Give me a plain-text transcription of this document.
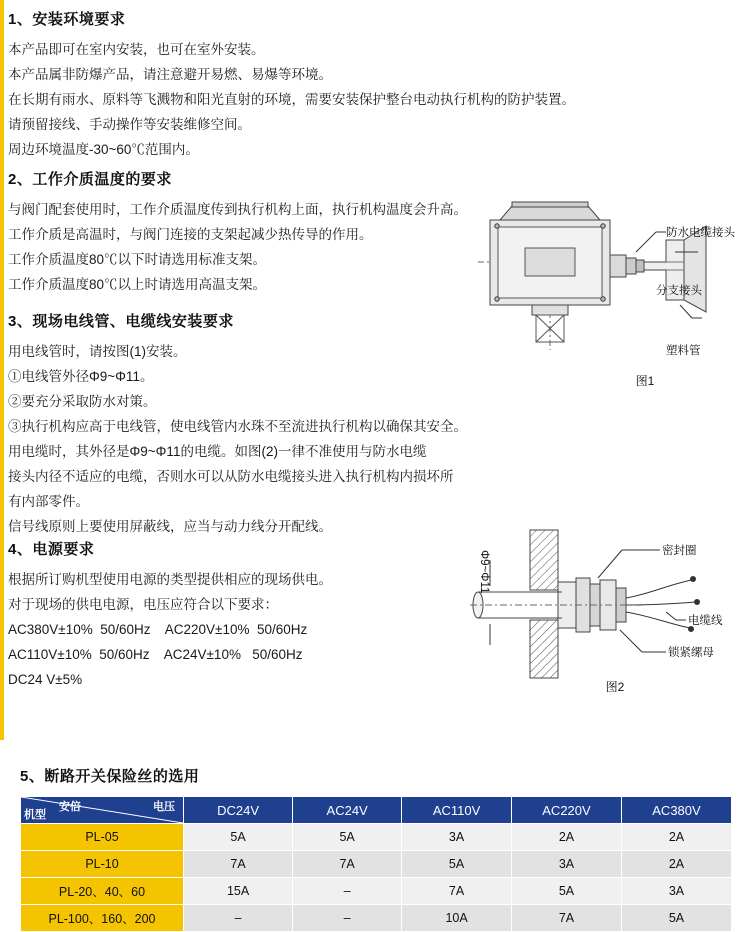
1、安装环境要求

本产品即可在室内安装，也可在室外安装。

本产品属非防爆产品，请注意避开易燃、易爆等环境。

在长期有雨水、原料等飞溅物和阳光直射的环境，需要安装保护整台电动执行机构的防护装置。

请预留接线、手动操作等安装维修空间。

周边环境温度-30~60℃范围内。

2、工作介质温度的要求

与阀门配套使用时，工作介质温度传到执行机构上面，执行机构温度会升高。

工作介质是高温时，与阀门连接的支架起减少热传导的作用。

工作介质温度80℃以下时请选用标准支架。

工作介质温度80℃以上时请选用高温支架。

3、现场电线管、电缆线安装要求

用电线管时，请按图(1)安装。

①电线管外径Φ9~Φ11。

②要充分采取防水对策。

③执行机构应高于电线管，使电线管内水珠不至流进执行机构以确保其安全。

用电缆时，其外径是Φ9~Φ11的电缆。如图(2)一律不准使用与防水电缆

接头内径不适应的电缆，否则水可以从防水电缆接头进入执行机构内损坏所

有内部零件。

信号线原则上要使用屏蔽线，应当与动力线分开配线。

4、电源要求

根据所订购机型使用电源的类型提供相应的现场供电。

对于现场的供电电源，电压应符合以下要求：

AC380V±10%  50/60Hz    AC220V±10%  50/60Hz

AC110V±10%  50/60Hz    AC24V±10%   50/60Hz

DC24 V±5%

防水电缆接头
分支接头
塑料管
图1
Φ9~Φ11	密封圈
电缆线
锁紧缧母
图2
5、断路开关保险丝的选用
安倍 电压
机型	DC24V	AC24V	AC110V	AC220V	AC380V
PL-05	5A	5A	3A	2A	2A
PL-10	7A	7A	5A	3A	2A
PL-20、40、60	15A	–	7A	5A	3A
PL-100、160、200	–	–	10A	7A	5A
